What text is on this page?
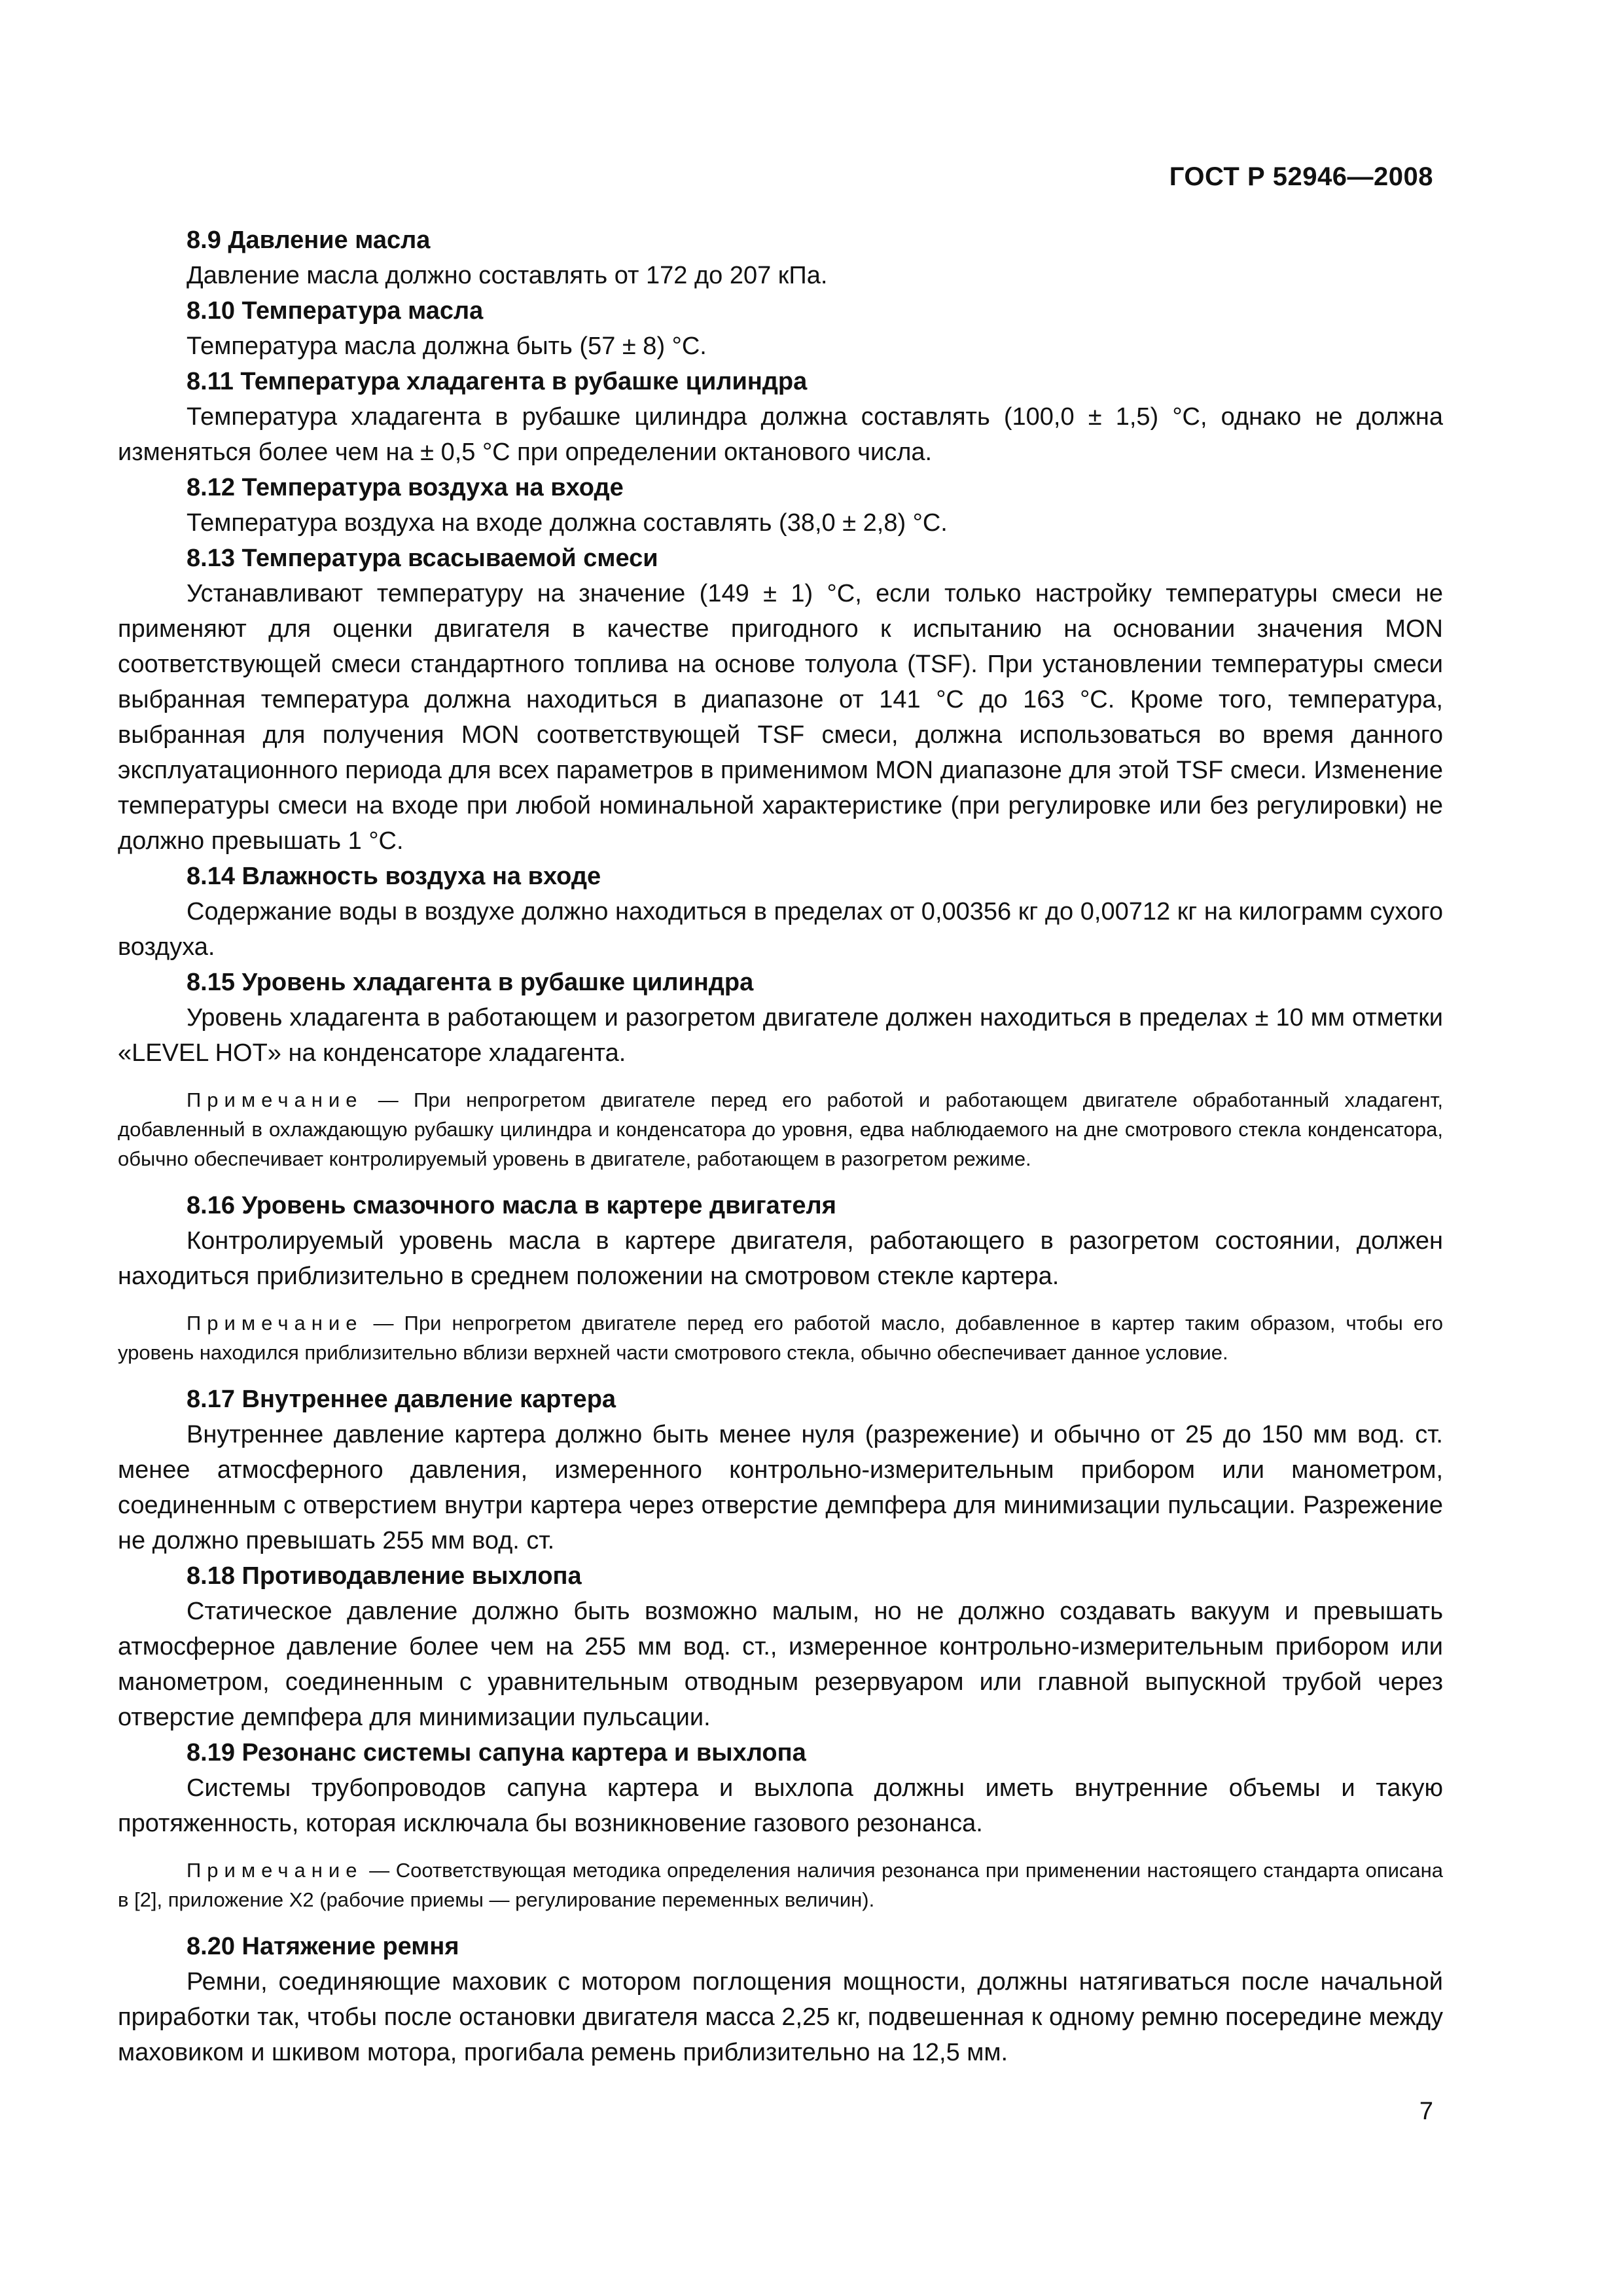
ГОСТ Р 52946—2008

8.9 Давление масла

Давление масла должно составлять от 172 до 207 кПа.

8.10 Температура масла

Температура масла должна быть (57 ± 8) °С.

8.11 Температура хладагента в рубашке цилиндра

Температура хладагента в рубашке цилиндра должна составлять (100,0 ± 1,5) °С, однако не должна изменяться более чем на ± 0,5 °С при определении октанового числа.

8.12 Температура воздуха на входе

Температура воздуха на входе должна составлять (38,0 ± 2,8) °С.

8.13 Температура всасываемой смеси

Устанавливают температуру на значение (149 ± 1) °С, если только настройку температуры смеси не применяют для оценки двигателя в качестве пригодного к испытанию на основании значения MON соответствующей смеси стандартного топлива на основе толуола (TSF). При установлении температуры смеси выбранная температура должна находиться в диапазоне от 141 °С до 163 °С. Кроме того, температура, выбранная для получения MON соответствующей TSF смеси, должна использоваться во время данного эксплуатационного периода для всех параметров в применимом MON диапазоне для этой TSF смеси. Изменение температуры смеси на входе при любой номинальной характеристике (при регулировке или без регулировки) не должно превышать 1 °С.

8.14 Влажность воздуха на входе

Содержание воды в воздухе должно находиться в пределах от 0,00356 кг до 0,00712 кг на килограмм сухого воздуха.

8.15 Уровень хладагента в рубашке цилиндра

Уровень хладагента в работающем и разогретом двигателе должен находиться в пределах ± 10 мм отметки «LEVEL HOT» на конденсаторе хладагента.

Примечание — При непрогретом двигателе перед его работой и работающем двигателе обработанный хладагент, добавленный в охлаждающую рубашку цилиндра и конденсатора до уровня, едва наблюдаемого на дне смотрового стекла конденсатора, обычно обеспечивает контролируемый уровень в двигателе, работающем в разогретом режиме.

8.16 Уровень смазочного масла в картере двигателя

Контролируемый уровень масла в картере двигателя, работающего в разогретом состоянии, должен находиться приблизительно в среднем положении на смотровом стекле картера.

Примечание — При непрогретом двигателе перед его работой масло, добавленное в картер таким образом, чтобы его уровень находился приблизительно вблизи верхней части смотрового стекла, обычно обеспечивает данное условие.

8.17 Внутреннее давление картера

Внутреннее давление картера должно быть менее нуля (разрежение) и обычно от 25 до 150 мм вод. ст. менее атмосферного давления, измеренного контрольно-измерительным прибором или манометром, соединенным с отверстием внутри картера через отверстие демпфера для минимизации пульсации. Разрежение не должно превышать 255 мм вод. ст.

8.18 Противодавление выхлопа

Статическое давление должно быть возможно малым, но не должно создавать вакуум и превышать атмосферное давление более чем на 255 мм вод. ст., измеренное контрольно-измерительным прибором или манометром, соединенным с уравнительным отводным резервуаром или главной выпускной трубой через отверстие демпфера для минимизации пульсации.

8.19 Резонанс системы сапуна картера и выхлопа

Системы трубопроводов сапуна картера и выхлопа должны иметь внутренние объемы и такую протяженность, которая исключала бы возникновение газового резонанса.

Примечание — Соответствующая методика определения наличия резонанса при применении настоящего стандарта описана в [2], приложение X2 (рабочие приемы — регулирование переменных величин).

8.20 Натяжение ремня

Ремни, соединяющие маховик с мотором поглощения мощности, должны натягиваться после начальной приработки так, чтобы после остановки двигателя масса 2,25 кг, подвешенная к одному ремню посередине между маховиком и шкивом мотора, прогибала ремень приблизительно на 12,5 мм.

7
